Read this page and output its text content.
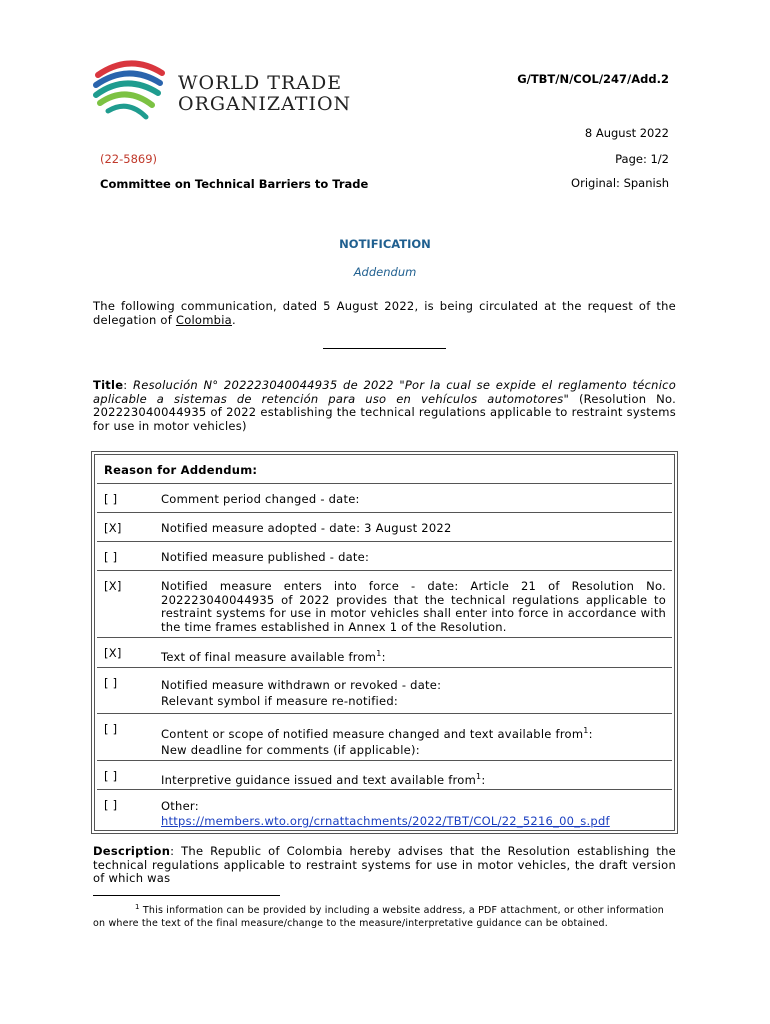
WORLD TRADE
ORGANIZATION
G/TBT/N/COL/247/Add.2
8 August 2022
(22-5869)	Page: 1/2
Committee on Technical Barriers to Trade	Original: Spanish
NOTIFICATION
Addendum
The following communication, dated 5 August 2022, is being circulated at the request of the delegation of Colombia.
Title: Resolución N° 202223040044935 de 2022 "Por la cual se expide el reglamento técnico aplicable a sistemas de retención para uso en vehículos automotores" (Resolution No. 202223040044935 of 2022 establishing the technical regulations applicable to restraint systems for use in motor vehicles)
Reason for Addendum:
[ ]	Comment period changed - date:
[X]	Notified measure adopted - date: 3 August 2022
[ ]	Notified measure published - date:
[X]	Notified measure enters into force - date: Article 21 of Resolution No. 202223040044935 of 2022 provides that the technical regulations applicable to restraint systems for use in motor vehicles shall enter into force in accordance with the time frames established in Annex 1 of the Resolution.
[X]	Text of final measure available from$^1$:
[ ]	Notified measure withdrawn or revoked - date:
Relevant symbol if measure re-notified:
[ ]	Content or scope of notified measure changed and text available from$^1$:
New deadline for comments (if applicable):
[ ]	Interpretive guidance issued and text available from$^1$:
[ ]	Other:
https://members.wto.org/crnattachments/2022/TBT/COL/22_5216_00_s.pdf
Description: The Republic of Colombia hereby advises that the Resolution establishing the technical regulations applicable to restraint systems for use in motor vehicles, the draft version of which was
$^1$ This information can be provided by including a website address, a PDF attachment, or other information on where the text of the final measure/change to the measure/interpretative guidance can be obtained.
